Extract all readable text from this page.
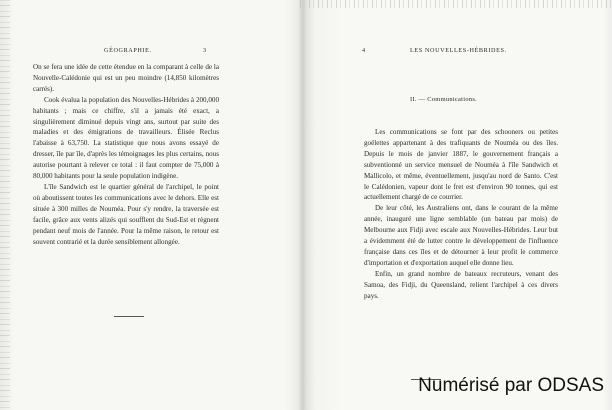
GÉOGRAPHIE.	3

On se fera une idée de cette étendue en la comparant à celle de la Nouvelle-Calédonie qui est un peu moindre (14,850 kilomètres carrés).

Cook évalua la population des Nouvelles-Hébrides à 200,000 habitants ; mais ce chiffre, s'il a jamais été exact, a singulièrement diminué depuis vingt ans, surtout par suite des maladies et des émigrations de travailleurs. Élisée Reclus l'abaisse à 63,750. La statistique que nous avons essayé de dresser, île par île, d'après les témoignages les plus certains, nous autorise pourtant à relever ce total : il faut compter de 75,000 à 80,000 habitants pour la seule population indigène.

L'île Sandwich est le quartier général de l'archipel, le point où aboutissent toutes les communications avec le dehors. Elle est située à 300 milles de Nouméa. Pour s'y rendre, la traversée est facile, grâce aux vents alizés qui soufflent du Sud-Est et règnent pendant neuf mois de l'année. Pour la même raison, le retour est souvent contrarié et la durée sensiblement allongée.

4	LES NOUVELLES-HÉBRIDES.
II. — Communications.

Les communications se font par des schooners ou petites goëlettes appartenant à des trafiquants de Nouméa ou des îles. Depuis le mois de janvier 1887, le gouvernement français a subventionné un service mensuel de Nouméa à l'île Sandwich et Mallicolo, et même, éventuellement, jusqu'au nord de Santo. C'est le Calédonien, vapeur dont le fret est d'environ 90 tonnes, qui est actuellement chargé de ce courrier.

De leur côté, les Australiens ont, dans le courant de la même année, inauguré une ligne semblable (un bateau par mois) de Melbourne aux Fidji avec escale aux Nouvelles-Hébrides. Leur but a évidemment été de lutter contre le développement de l'influence française dans ces îles et de détourner à leur profit le commerce d'importation et d'exportation auquel elle donne lieu.

Enfin, un grand nombre de bateaux recruteurs, venant des Samoa, des Fidji, du Queensland, relient l'archipel à ces divers pays.

Numérisé par ODSAS
